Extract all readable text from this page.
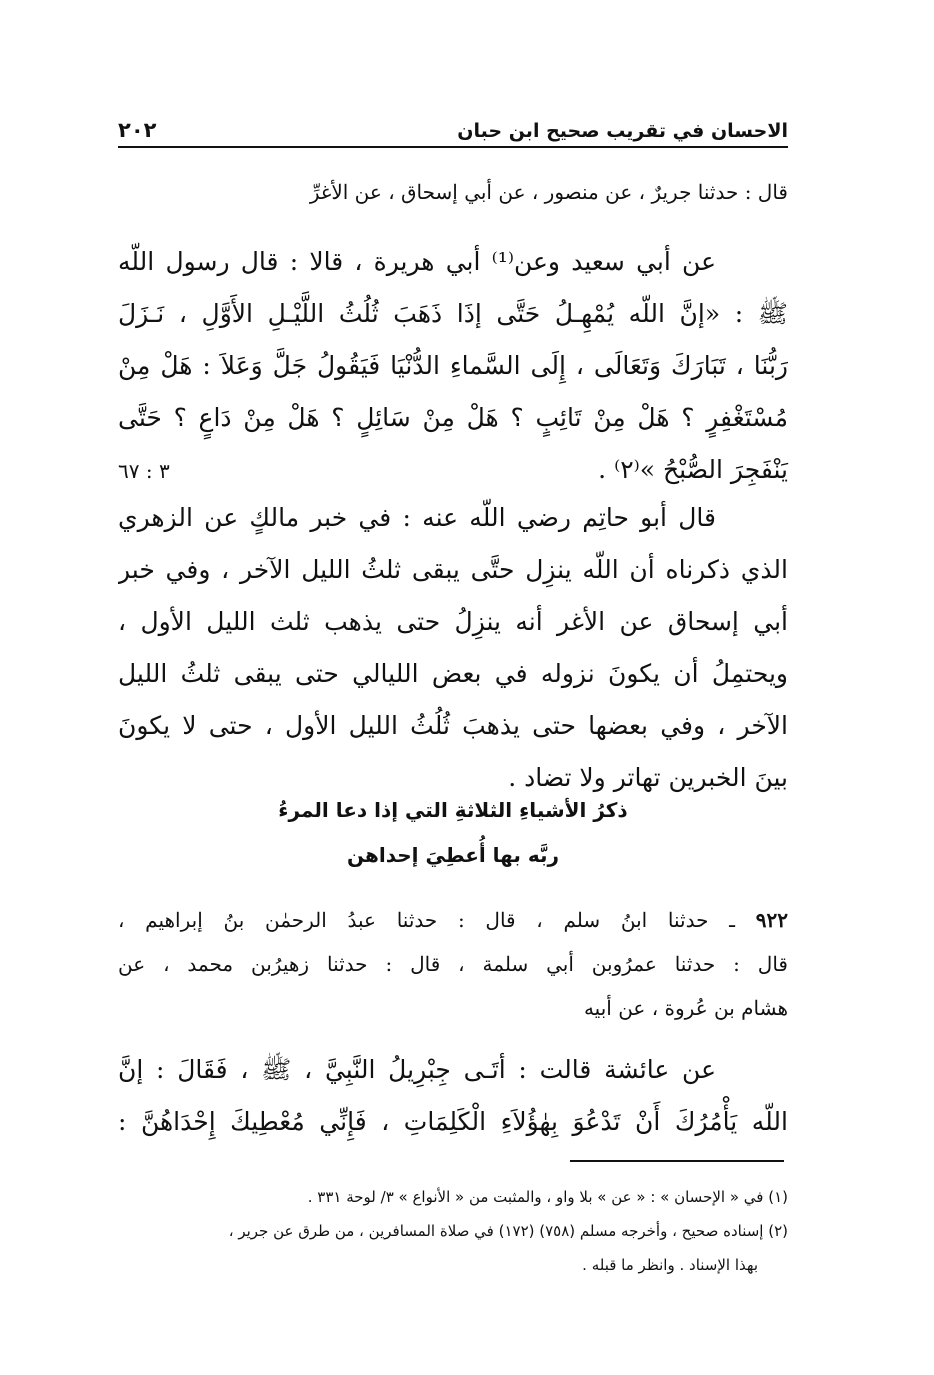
الاحسان في تقريب صحيح ابن حبان
٢٠٢
قال : حدثنا جريرٌ ، عن منصور ، عن أبي إسحاق ، عن الأغرِّ
عن أبي سعيد وعن⁽¹⁾ أبي هريرة ، قالا : قال رسول اللّه
ﷺ : «إنَّ اللّه يُمْهِـلُ حَتَّى إذَا ذَهَبَ ثُلُثُ اللَّيْـلِ الأَوَّلِ ، نَـزَلَ
رَبُّنَا ، تَبَارَكَ وَتَعَالَى ، إِلَى السَّماءِ الدُّنْيَا فَيَقُولُ جَلَّ وَعَلاَ : هَلْ مِنْ
مُسْتَغْفِرٍ ؟ هَلْ مِنْ تَائِبٍ ؟ هَلْ مِنْ سَائِلٍ ؟ هَلْ مِنْ دَاعٍ ؟ حَتَّى
يَنْفَجِرَ الصُّبْحُ »⁽٢⁾ .
٣ : ٦٧
قال أبو حاتِم رضي اللّه عنه : في خبر مالكٍ عن الزهري
الذي ذكرناه أن اللّه ينزِل حتَّى يبقى ثلثُ الليل الآخر ، وفي خبر
أبي إسحاق عن الأغر أنه ينزِلُ حتى يذهب ثلث الليل الأول ،
ويحتمِلُ أن يكونَ نزوله في بعض الليالي حتى يبقى ثلثُ الليل
الآخر ، وفي بعضها حتى يذهبَ ثُلُثُ الليل الأول ، حتى لا يكونَ
بينَ الخبرين تهاتر ولا تضاد .
ذكرُ الأشياءِ الثلاثةِ التي إذا دعا المرءُ
ربَّه بها أُعطِيَ إحداهن
٩٢٢ ـ حدثنا ابنُ سلم ، قال : حدثنا عبدُ الرحمٰن بنُ إبراهيم ،
قال : حدثنا عمرُوبن أبي سلمة ، قال : حدثنا زهيرُبن محمد ، عن
هشام بن عُروة ، عن أبيه
عن عائشة قالت : أتَـى جِبْرِيلُ النَّبِيَّ ، ﷺ ، فَقَالَ : إنَّ
اللّه يَأْمُرُكَ أَنْ تَدْعُوَ بِهٰؤُلاَءِ الْكَلِمَاتِ ، فَإِنِّي مُعْطِيكَ إِحْدَاهُنَّ :
(١) في « الإحسان » : « عن » بلا واو ، والمثبت من « الأنواع » ٣/ لوحة ٣٣١ .
(٢) إسناده صحيح ، وأخرجه مسلم (٧٥٨) (١٧٢) في صلاة المسافرين ، من طرق عن جرير ،
بهذا الإسناد . وانظر ما قبله .
